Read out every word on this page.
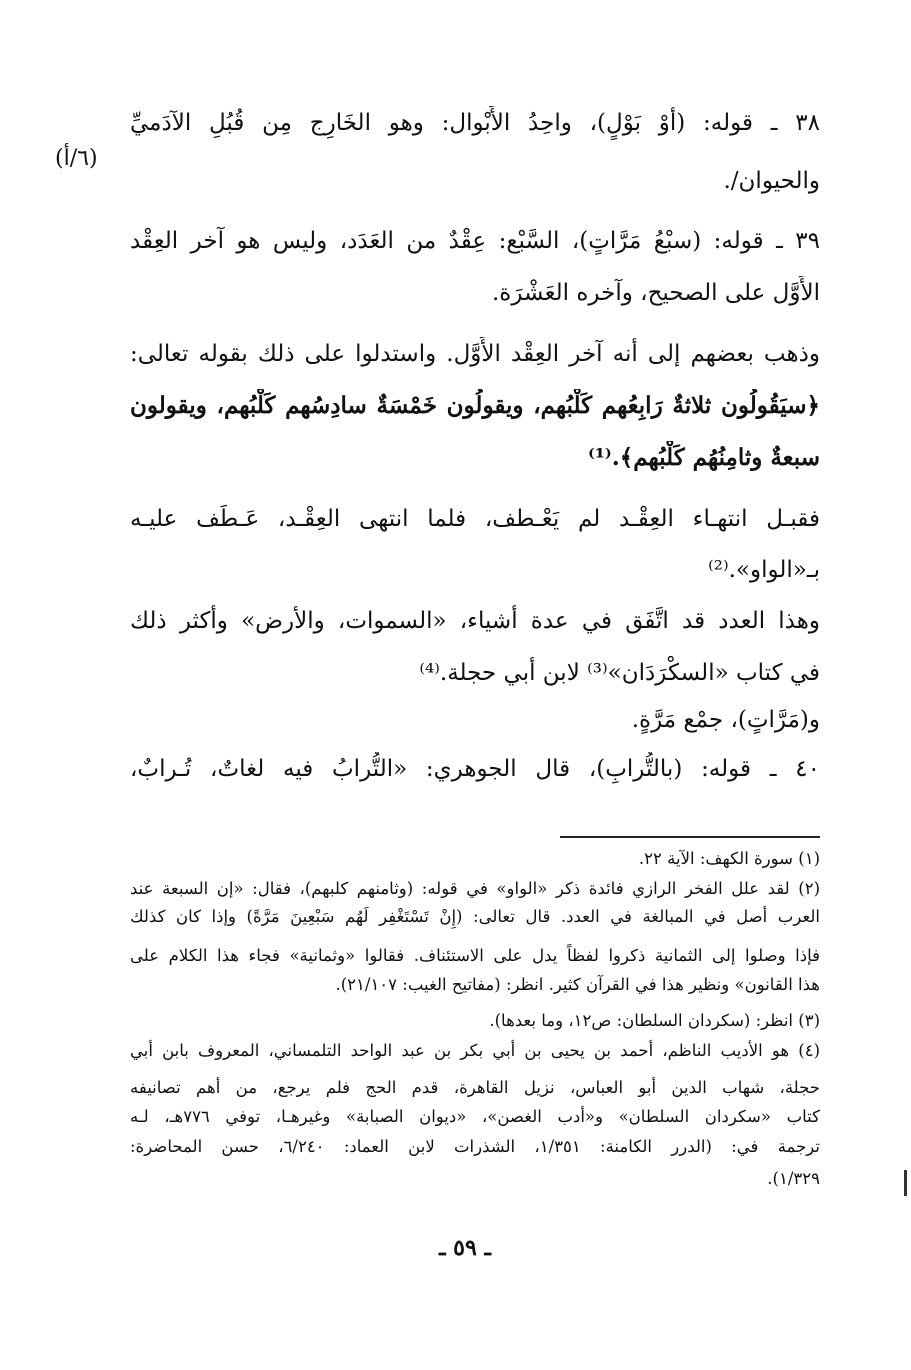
(٦/أ)
٣٨ ـ قوله: (أَوْ بَوْلٍ)، واحِدُ الأَبْوال: وهو الخَارِج مِن قُبُلِ الآدَميِّ
والحيوان/.
٣٩ ـ قوله: (سبْعُ مَرَّاتٍ)، السَّبْع: عِقْدٌ من العَدَد، وليس هو آخر العِقْد
الأَوَّل على الصحيح، وآخره العَشْرَة.
وذهب بعضهم إلى أنه آخر العِقْد الأَوَّل. واستدلوا على ذلك بقوله تعالى:
﴿سيَقُولُون ثلاثةٌ رَابِعُهم كَلْبُهم، ويقولُون خَمْسَةٌ سادِسُهم كَلْبُهم، ويقولون
سبعةٌ وثامِنُهُم كَلْبُهم﴾.⁽¹⁾
فقبـل انتهـاء العِقْـد لم يَعْـطف، فلما انتهى العِقْـد، عَـطَف عليـه
بـ«الواو».⁽²⁾
وهذا العدد قد اتَّفَق في عدة أشياء، «السموات، والأرض» وأكثر ذلك
في كتاب «السكْرَدَان»⁽³⁾ لابن أبي حجلة.⁽⁴⁾
و(مَرَّاتٍ)، جمْع مَرَّةٍ.
٤٠ ـ قوله: (بالتُّرابِ)، قال الجوهري: «التُّرابُ فيه لغاتٌ، تُـرابٌ،
(١) سورة الكهف: الآية ٢٢.
(٢) لقد علل الفخر الرازي فائدة ذكر «الواو» في قوله: (وثامنهم كلبهم)، فقال: «إن السبعة عند
العرب أصل في المبالغة في العدد. قال تعالى: (إِنْ تَسْتَغْفِر لَهُم سَبْعِينَ مَرَّةً) وإذا كان كذلك
فإذا وصلوا إلى الثمانية ذكروا لفظاً يدل على الاستئناف. فقالوا «وثمانية» فجاء هذا الكلام على
هذا القانون» ونظير هذا في القرآن كثير. انظر: (مفاتيح الغيب: ٢١/١٠٧).
(٣) انظر: (سكردان السلطان: ص١٢، وما بعدها).
(٤) هو الأديب الناظم، أحمد بن يحيى بن أبي بكر بن عبد الواحد التلمساني، المعروف بابن أبي
حجلة، شهاب الدين أبو العباس، نزيل القاهرة، قدم الحج فلم يرجع، من أهم تصانيفه
كتاب «سكردان السلطان» و«أدب الغصن»، «ديوان الصبابة» وغيرهـا، توفي ٧٧٦هـ، لـه
ترجمة في: (الدرر الكامنة: ١/٣٥١، الشذرات لابن العماد: ٦/٢٤٠، حسن المحاضرة:
١/٣٢٩).
ـ ٥٩ ـ
